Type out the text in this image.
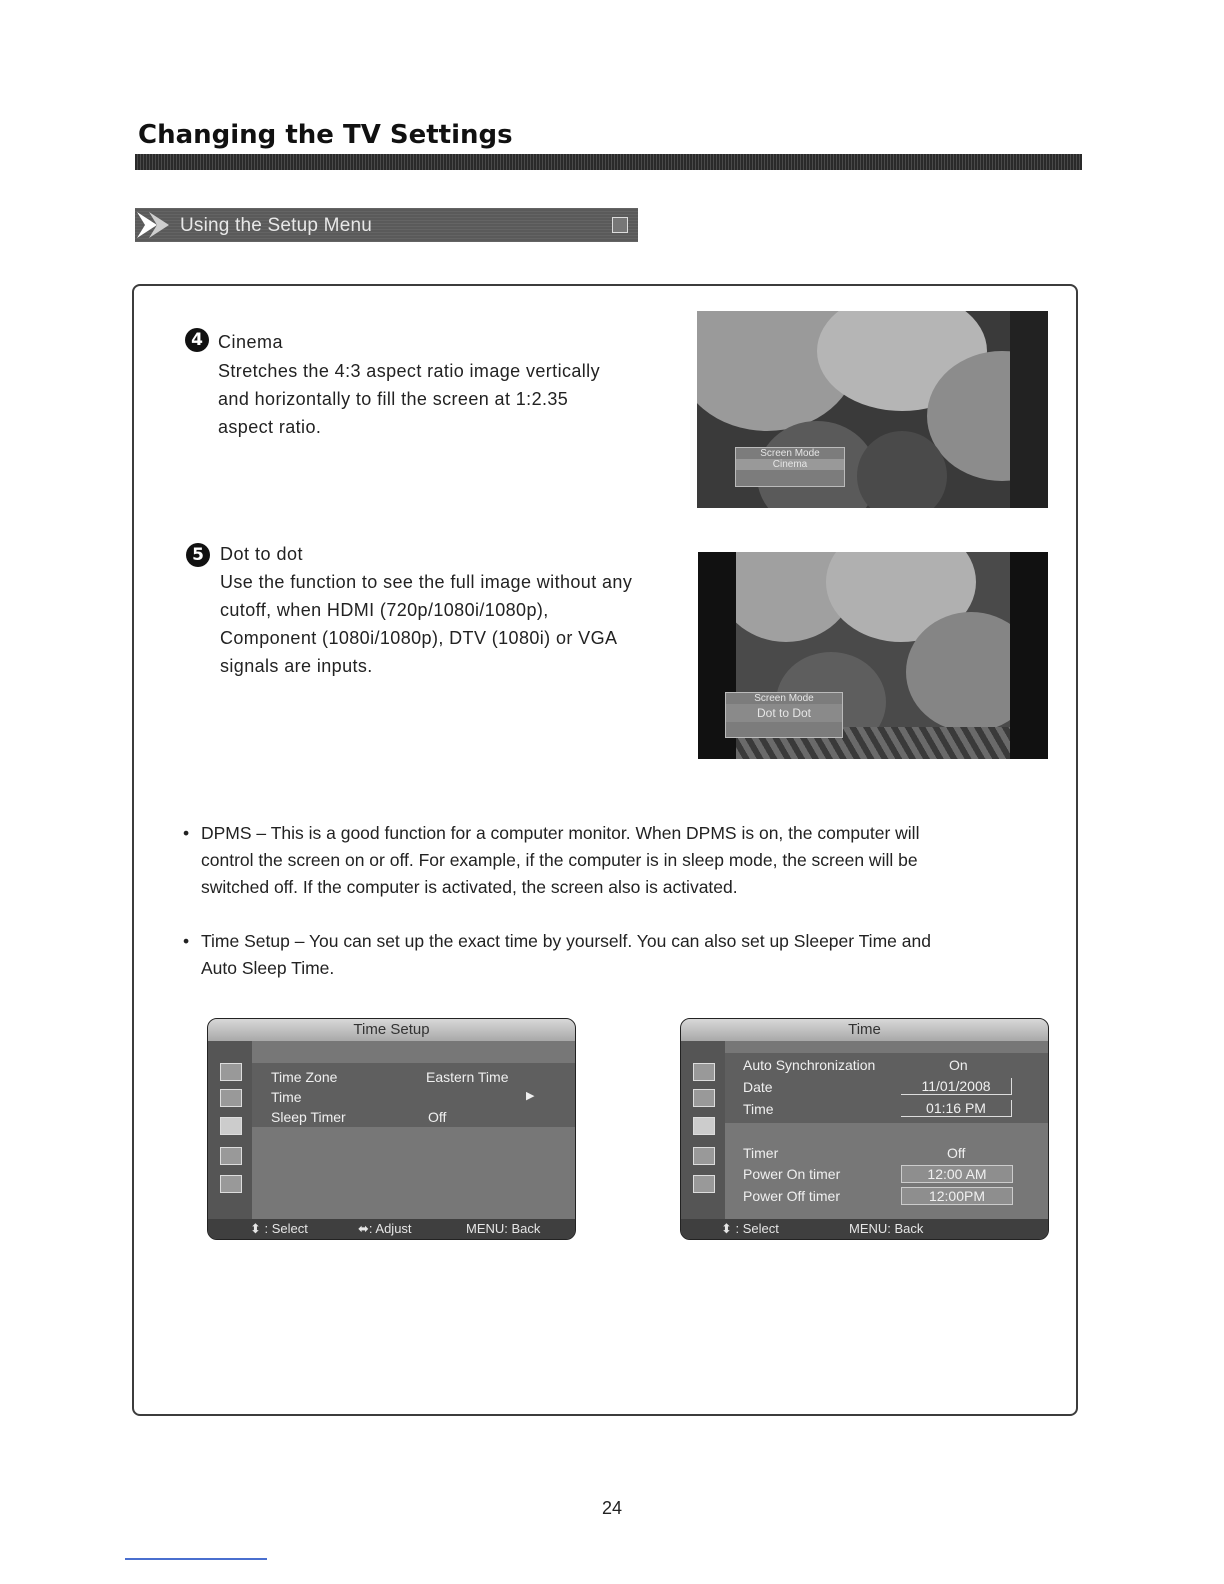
Changing the TV Settings
Using the Setup Menu
4 Cinema
Stretches the 4:3 aspect ratio image vertically
and horizontally to fill the screen at 1:2.35
aspect ratio.
Screen Mode
Cinema
5 Dot to dot
Use the function to see the full image without any
cutoff, when HDMI (720p/1080i/1080p),
Component (1080i/1080p), DTV (1080i) or VGA
signals are inputs.
Screen Mode
Dot to Dot
• DPMS – This is a good function for a computer monitor. When DPMS is on, the computer will
control the screen on or off. For example, if the computer is in sleep mode, the screen will be
switched off. If the computer is activated, the screen also is activated.
• Time Setup – You can set up the exact time by yourself. You can also set up Sleeper Time and
Auto Sleep Time.
Time Setup
Time Zone	Eastern Time
Time	▶
Sleep Timer	Off
⬍ : Select	⬌: Adjust	MENU: Back
Time
Auto Synchronization	On
Date	11/01/2008
Time	01:16 PM
Timer	Off
Power On timer	12:00 AM
Power Off timer	12:00PM
⬍ : Select	MENU: Back
24
